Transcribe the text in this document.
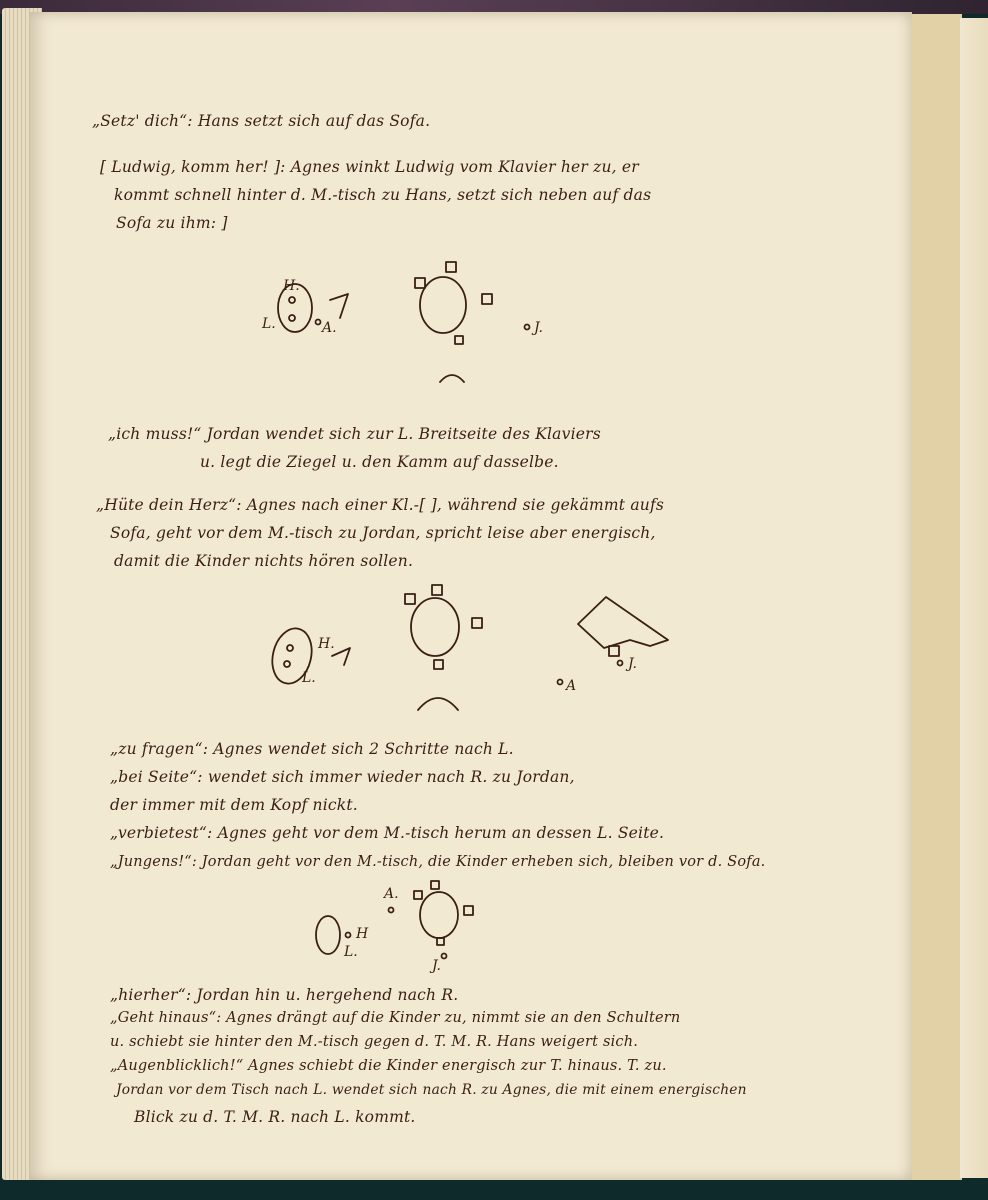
„Setz' dich“: Hans setzt sich auf das Sofa.
[ Ludwig, komm her! ]: Agnes winkt Ludwig vom Klavier her zu, er
kommt schnell hinter d. M.-tisch zu Hans, setzt sich neben auf das
Sofa zu ihm: ]
H.
L.	A.	J.
„ich muss!“ Jordan wendet sich zur L. Breitseite des Klaviers
u. legt die Ziegel u. den Kamm auf dasselbe.
„Hüte dein Herz“: Agnes nach einer Kl.-[ ], während sie gekämmt aufs
Sofa, geht vor dem M.-tisch zu Jordan, spricht leise aber energisch,
damit die Kinder nichts hören sollen.
H.
L.
J.
A
„zu fragen“: Agnes wendet sich 2 Schritte nach L.
„bei Seite“: wendet sich immer wieder nach R. zu Jordan,
der immer mit dem Kopf nickt.
„verbietest“: Agnes geht vor dem M.-tisch herum an dessen L. Seite.
„Jungens!“: Jordan geht vor den M.-tisch, die Kinder erheben sich, bleiben vor d. Sofa.
A.
H
L.
J.
„hierher“: Jordan hin u. hergehend nach R.
„Geht hinaus“: Agnes drängt auf die Kinder zu, nimmt sie an den Schultern
u. schiebt sie hinter den M.-tisch gegen d. T. M. R. Hans weigert sich.
„Augenblicklich!“ Agnes schiebt die Kinder energisch zur T. hinaus. T. zu.
Jordan vor dem Tisch nach L. wendet sich nach R. zu Agnes, die mit einem energischen
Blick zu d. T. M. R. nach L. kommt.
